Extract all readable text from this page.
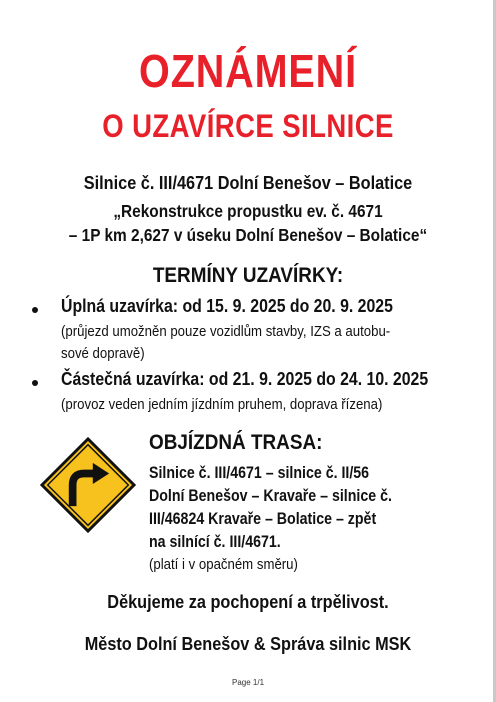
OZNÁMENÍ
O UZAVÍRCE SILNICE
Silnice č. III/4671 Dolní Benešov – Bolatice
„Rekonstrukce propustku ev. č. 4671
– 1P km 2,627 v úseku Dolní Benešov – Bolatice“
TERMÍNY UZAVÍRKY:
Úplná uzavírka: od 15. 9. 2025 do 20. 9. 2025
(průjezd umožněn pouze vozidlům stavby, IZS a autobu-
sové dopravě)
Částečná uzavírka: od 21. 9. 2025 do 24. 10. 2025
(provoz veden jedním jízdním pruhem, doprava řízena)
OBJÍZDNÁ TRASA:
Silnice č. III/4671 – silnice č. II/56
Dolní Benešov – Kravaře – silnice č.
III/46824 Kravaře – Bolatice – zpět
na silnící č. III/4671.
(platí i v opačném směru)
Děkujeme za pochopení a trpělivost.
Město Dolní Benešov & Správa silnic MSK
Page 1/1
